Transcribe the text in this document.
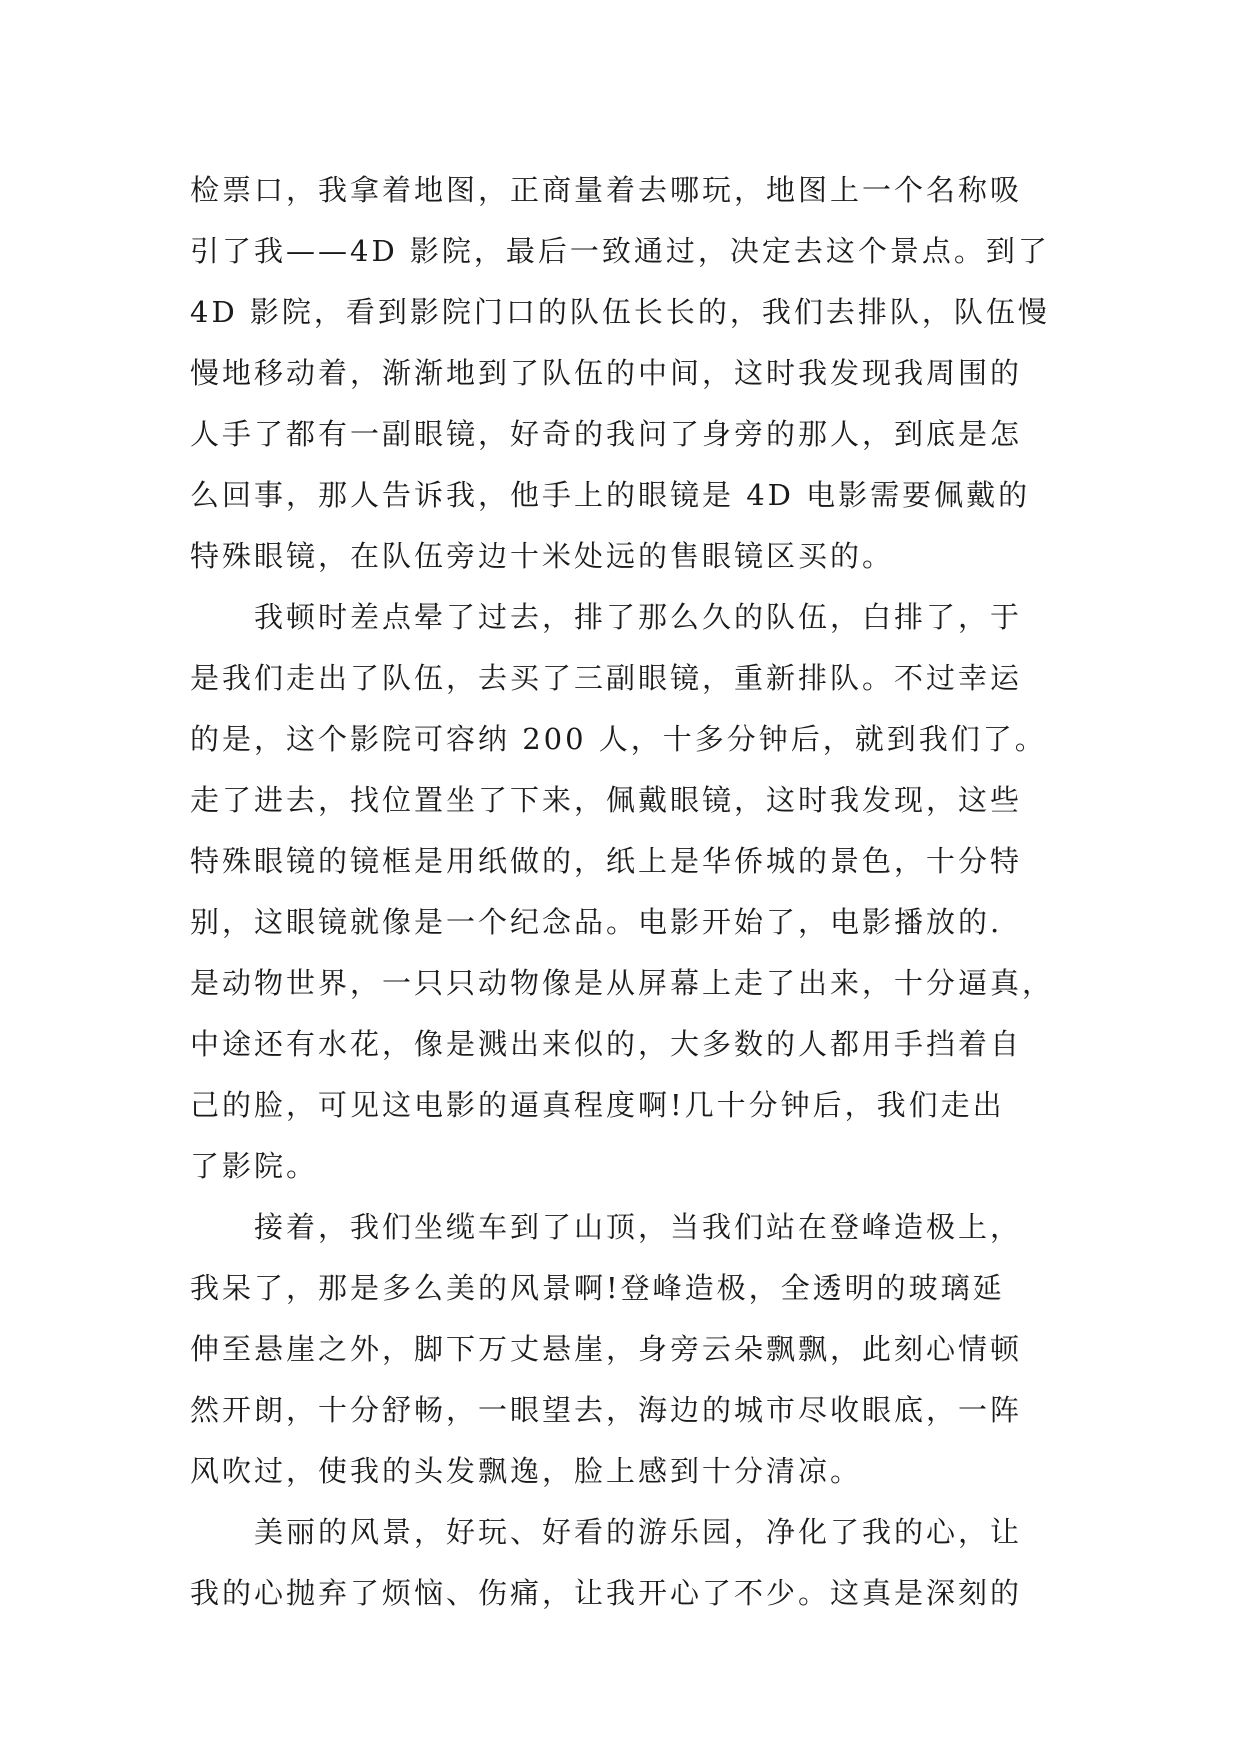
检票口，我拿着地图，正商量着去哪玩，地图上一个名称吸
引了我——4D 影院，最后一致通过，决定去这个景点。到了
4D 影院，看到影院门口的队伍长长的，我们去排队，队伍慢
慢地移动着，渐渐地到了队伍的中间，这时我发现我周围的
人手了都有一副眼镜，好奇的我问了身旁的那人，到底是怎
么回事，那人告诉我，他手上的眼镜是 4D 电影需要佩戴的
特殊眼镜，在队伍旁边十米处远的售眼镜区买的。
我顿时差点晕了过去，排了那么久的队伍，白排了，于
是我们走出了队伍，去买了三副眼镜，重新排队。不过幸运
的是，这个影院可容纳 200 人，十多分钟后，就到我们了。
走了进去，找位置坐了下来，佩戴眼镜，这时我发现，这些
特殊眼镜的镜框是用纸做的，纸上是华侨城的景色，十分特
别，这眼镜就像是一个纪念品。电影开始了，电影播放的.
是动物世界，一只只动物像是从屏幕上走了出来，十分逼真，
中途还有水花，像是溅出来似的，大多数的人都用手挡着自
己的脸，可见这电影的逼真程度啊!几十分钟后，我们走出
了影院。
接着，我们坐缆车到了山顶，当我们站在登峰造极上，
我呆了，那是多么美的风景啊!登峰造极，全透明的玻璃延
伸至悬崖之外，脚下万丈悬崖，身旁云朵飘飘，此刻心情顿
然开朗，十分舒畅，一眼望去，海边的城市尽收眼底，一阵
风吹过，使我的头发飘逸，脸上感到十分清凉。
美丽的风景，好玩、好看的游乐园，净化了我的心，让
我的心抛弃了烦恼、伤痛，让我开心了不少。这真是深刻的
